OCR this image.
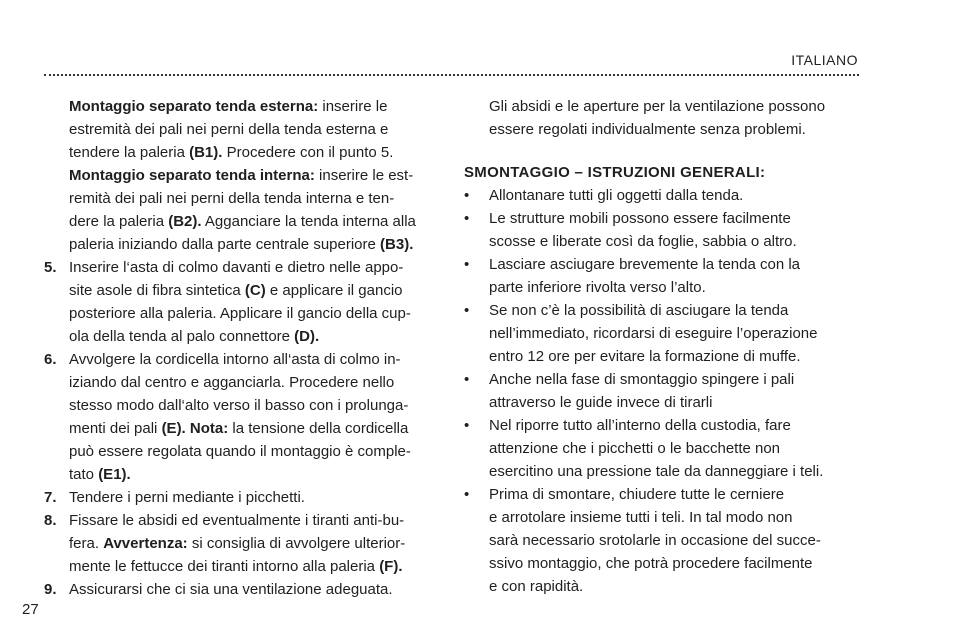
ITALIANO
Montaggio separato tenda esterna: inserire le
estremità dei pali nei perni della tenda esterna e
tendere la paleria (B1). Procedere con il punto 5.
Montaggio separato tenda interna: inserire le est-
remità dei pali nei perni della tenda interna e ten-
dere la paleria (B2). Agganciare la tenda interna alla
paleria iniziando dalla parte centrale superiore (B3).
5. Inserire l‘asta di colmo davanti e dietro nelle appo-
site asole di fibra sintetica (C) e applicare il gancio
posteriore alla paleria. Applicare il gancio della cup-
ola della tenda al palo connettore (D).
6. Avvolgere la cordicella intorno all‘asta di colmo in-
iziando dal centro e agganciarla. Procedere nello
stesso modo dall‘alto verso il basso con i prolunga-
menti dei pali (E). Nota: la tensione della cordicella
può essere regolata quando il montaggio è comple-
tato (E1).
7. Tendere i perni mediante i picchetti.
8. Fissare le absidi ed eventualmente i tiranti anti-bu-
fera. Avvertenza: si consiglia di avvolgere ulterior-
mente le fettucce dei tiranti intorno alla paleria (F).
9. Assicurarsi che ci sia una ventilazione adeguata.
Gli absidi e le aperture per la ventilazione possono
essere regolati individualmente senza problemi.
SMONTAGGIO – ISTRUZIONI GENERALI:
• Allontanare tutti gli oggetti dalla tenda.
• Le strutture mobili possono essere facilmente
scosse e liberate così da foglie, sabbia o altro.
• Lasciare asciugare brevemente la tenda con la
parte inferiore rivolta verso l’alto.
• Se non c’è la possibilità di asciugare la tenda
nell’immediato, ricordarsi di eseguire l’operazione
entro 12 ore per evitare la formazione di muffe.
• Anche nella fase di smontaggio spingere i pali
attraverso le guide invece di tirarli
• Nel riporre tutto all’interno della custodia, fare
attenzione che i picchetti o le bacchette non
esercitino una pressione tale da danneggiare i teli.
• Prima di smontare, chiudere tutte le cerniere
e arrotolare insieme tutti i teli. In tal modo non
sarà necessario srotolarle in occasione del succe-
ssivo montaggio, che potrà procedere facilmente
e con rapidità.
27
